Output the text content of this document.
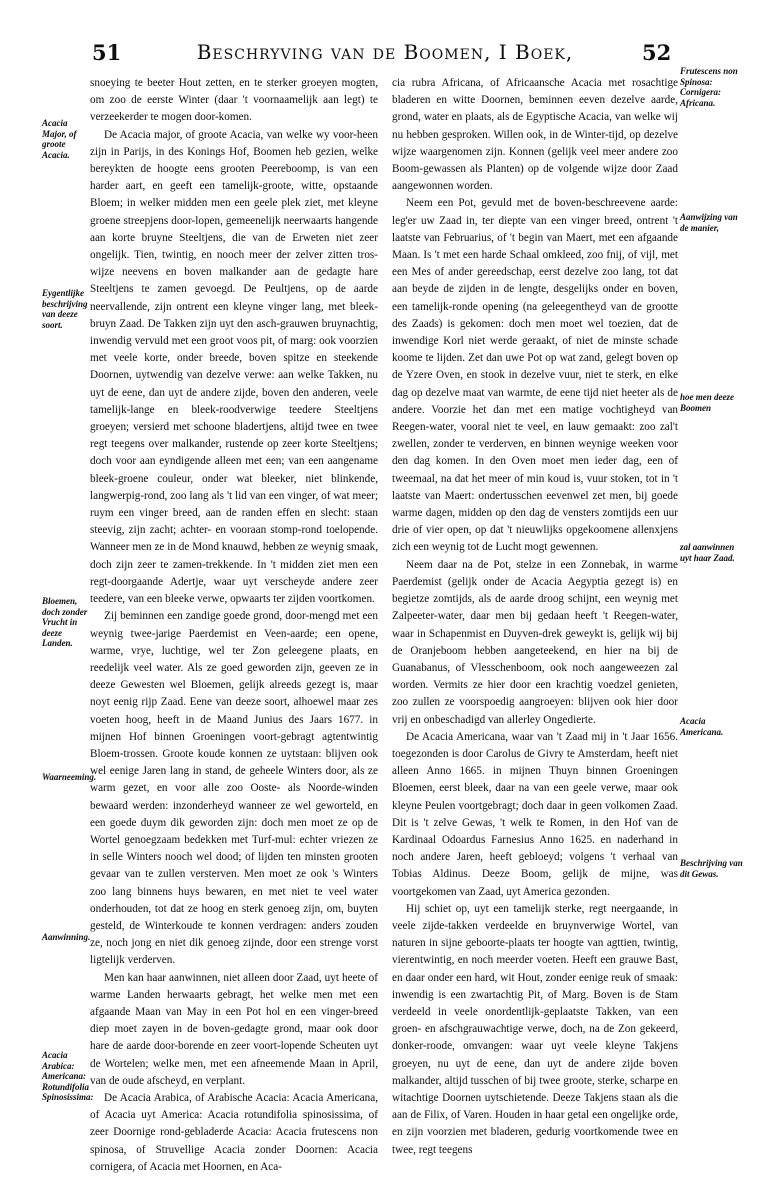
51	Beschryving van de Boomen, I Boek,	52

snoeying te beeter Hout zetten, en te sterker groeyen mogten, om zoo de eerste Winter (daar 't voornaamelijk aan legt) te verzeekerder te mogen door-komen.

De Acacia major, of groote Acacia, van welke wy voor-heen zijn in Parijs, in des Konings Hof, Boomen heb gezien, welke bereykten de hoogte eens grooten Peereboomp, is van een harder aart, en geeft een tamelijk-groote, witte, opstaande Bloem; in welker midden men een geele plek ziet, met kleyne groene streepjens door-lopen, gemeenelijk neerwaarts hangende aan korte bruyne Steeltjens, die van de Erweten niet zeer ongelijk. Tien, twintig, en nooch meer der zelver zitten tros-wijze neevens en boven malkander aan de gedagte hare Steeltjens te zamen gevoegd. De Peultjens, op de aarde neervallende, zijn ontrent een kleyne vinger lang, met bleek-bruyn Zaad. De Takken zijn uyt den asch-grauwen bruynachtig, inwendig vervuld met een groot voos pit, of marg: ook voorzien met veele korte, onder breede, boven spitze en steekende Doornen, uytwendig van dezelve verwe: aan welke Takken, nu uyt de eene, dan uyt de andere zijde, boven den anderen, veele tamelijk-lange en bleek-roodverwige teedere Steeltjens groeyen; versierd met schoone bladertjens, altijd twee en twee regt teegens over malkander, rustende op zeer korte Steeltjens; doch voor aan eyndigende alleen met een; van een aangename bleek-groene couleur, onder wat bleeker, niet blinkende, langwerpig-rond, zoo lang als 't lid van een vinger, of wat meer; ruym een vinger breed, aan de randen effen en slecht: staan steevig, zijn zacht; achter- en vooraan stomp-rond toelopende. Wanneer men ze in de Mond knauwd, hebben ze weynig smaak, doch zijn zeer te zamen-trekkende. In 't midden ziet men een regt-doorgaande Adertje, waar uyt verscheyde andere zeer teedere, van een bleeke verwe, opwaarts ter zijden voortkomen.

Zij beminnen een zandige goede grond, door-mengd met een weynig twee-jarige Paerdemist en Veen-aarde; een opene, warme, vrye, luchtige, wel ter Zon geleegene plaats, en reedelijk veel water. Als ze goed geworden zijn, geeven ze in deeze Gewesten wel Bloemen, gelijk alreeds gezegt is, maar noyt eenig rijp Zaad. Eene van deeze soort, alhoewel maar zes voeten hoog, heeft in de Maand Junius des Jaars 1677. in mijnen Hof binnen Groeningen voort-gebragt agtentwintig Bloem-trossen. Groote koude konnen ze uytstaan: blijven ook wel eenige Jaren lang in stand, de geheele Winters door, als ze warm gezet, en voor alle zoo Ooste- als Noorde-winden bewaard werden: inzonderheyd wanneer ze wel geworteld, en een goede duym dik geworden zijn: doch men moet ze op de Wortel genoegzaam bedekken met Turf-mul: echter vriezen ze in selle Winters nooch wel dood; of lijden ten minsten grooten gevaar van te zullen versterven. Men moet ze ook 's Winters zoo lang binnens huys bewaren, en met niet te veel water onderhouden, tot dat ze hoog en sterk genoeg zijn, om, buyten gesteld, de Winterkoude te konnen verdragen: anders zouden ze, noch jong en niet dik genoeg zijnde, door een strenge vorst ligtelijk verderven.

Men kan haar aanwinnen, niet alleen door Zaad, uyt heete of warme Landen herwaarts gebragt, het welke men met een afgaande Maan van May in een Pot hol en een vinger-breed diep moet zayen in de boven-gedagte grond, maar ook door hare de aarde door-borende en zeer voort-lopende Scheuten uyt de Wortelen; welke men, met een afneemende Maan in April, van de oude afscheyd, en verplant.

De Acacia Arabica, of Arabische Acacia: Acacia Americana, of Acacia uyt America: Acacia rotundifolia spinosissima, of zeer Doornige rond-gebladerde Acacia: Acacia frutescens non spinosa, of Struvellige Acacia zonder Doornen: Acacia cornigera, of Acacia met Hoornen, en Aca-

cia rubra Africana, of Africaansche Acacia met rosachtige bladeren en witte Doornen, beminnen eeven dezelve aarde, grond, water en plaats, als de Egyptische Acacia, van welke wij nu hebben gesproken. Willen ook, in de Winter-tijd, op dezelve wijze waargenomen zijn. Konnen (gelijk veel meer andere zoo Boom-gewassen als Planten) op de volgende wijze door Zaad aangewonnen worden.

Neem een Pot, gevuld met de boven-beschreevene aarde: leg'er uw Zaad in, ter diepte van een vinger breed, ontrent 't laatste van Februarius, of 't begin van Maert, met een afgaande Maan. Is 't met een harde Schaal omkleed, zoo fnij, of vijl, met een Mes of ander gereedschap, eerst dezelve zoo lang, tot dat aan beyde de zijden in de lengte, desgelijks onder en boven, een tamelijk-ronde opening (na geleegentheyd van de grootte des Zaads) is gekomen: doch men moet wel toezien, dat de inwendige Korl niet werde geraakt, of niet de minste schade koome te lijden. Zet dan uwe Pot op wat zand, gelegt boven op de Yzere Oven, en stook in dezelve vuur, niet te sterk, en elke dag op dezelve maat van warmte, de eene tijd niet heeter als de andere. Voorzie het dan met een matige vochtigheyd van Reegen-water, vooral niet te veel, en lauw gemaakt: zoo zal't zwellen, zonder te verderven, en binnen weynige weeken voor den dag komen. In den Oven moet men ieder dag, een of tweemaal, na dat het meer of min koud is, vuur stoken, tot in 't laatste van Maert: ondertusschen eevenwel zet men, bij goede warme dagen, midden op den dag de vensters zomtijds een uur drie of vier open, op dat 't nieuwlijks opgekoomene allenxjens zich een weynig tot de Lucht mogt gewennen.

Neem daar na de Pot, stelze in een Zonnebak, in warme Paerdemist (gelijk onder de Acacia Aegyptia gezegt is) en begietze zomtijds, als de aarde droog schijnt, een weynig met Zalpeeter-water, daar men bij gedaan heeft 't Reegen-water, waar in Schapenmist en Duyven-drek geweykt is, gelijk wij bij de Oranjeboom hebben aangeteekend, en hier na bij de Guanabanus, of Vlesschenboom, ook noch aangeweezen zal worden. Vermits ze hier door een krachtig voedzel genieten, zoo zullen ze voorspoedig aangroeyen: blijven ook hier door vrij en onbeschadigd van allerley Ongedierte.

De Acacia Americana, waar van 't Zaad mij in 't Jaar 1656. toegezonden is door Carolus de Givry te Amsterdam, heeft niet alleen Anno 1665. in mijnen Thuyn binnen Groeningen Bloemen, eerst bleek, daar na van een geele verwe, maar ook kleyne Peulen voortgebragt; doch daar in geen volkomen Zaad. Dit is 't zelve Gewas, 't welk te Romen, in den Hof van de Kardinaal Odoardus Farnesius Anno 1625. en naderhand in noch andere Jaren, heeft gebloeyd; volgens 't verhaal van Tobias Aldinus. Deeze Boom, gelijk de mijne, was voortgekomen van Zaad, uyt America gezonden.

Hij schiet op, uyt een tamelijk sterke, regt neergaande, in veele zijde-takken verdeelde en bruynverwige Wortel, van naturen in sijne geboorte-plaats ter hoogte van agttien, twintig, vierentwintig, en noch meerder voeten. Heeft een grauwe Bast, en daar onder een hard, wit Hout, zonder eenige reuk of smaak: inwendig is een zwartachtig Pit, of Marg. Boven is de Stam verdeeld in veele onordentlijk-geplaatste Takken, van een groen- en afschgrauwachtige verwe, doch, na de Zon gekeerd, donker-roode, omvangen: waar uyt veele kleyne Takjens groeyen, nu uyt de eene, dan uyt de andere zijde boven malkander, altijd tusschen of bij twee groote, sterke, scharpe en witachtige Doornen uytschietende. Deeze Takjens staan als die aan de Filix, of Varen. Houden in haar getal een ongelijke orde, en zijn voorzien met bladeren, gedurig voortkomende twee en twee, regt teegens

Acacia Major, of groote Acacia.
Eygentlijke beschrijving van deeze soort.
Bloemen, doch zonder Vrucht in deeze Landen.
Waarneeming.
Aanwinning.
Acacia Arabica: Americana: Rotundifolia Spinosissima:
Frutescens non Spinosa: Cornigera: Africana.
Aanwijzing van de manier,
hoe men deeze Boomen
zal aanwinnen uyt haar Zaad.
Acacia Americana.
Beschrijving van dit Gewas.
